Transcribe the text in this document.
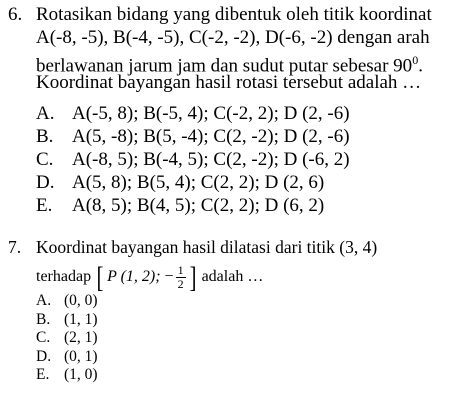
6. Rotasikan bidang yang dibentuk oleh titik koordinat
A(-8, -5), B(-4, -5), C(-2, -2), D(-6, -2) dengan arah
berlawanan jarum jam dan sudut putar sebesar $90^0$.
Koordinat bayangan hasil rotasi tersebut adalah …
A. A(-5, 8); B(-5, 4); C(-2, 2); D (2, -6)
B. A(5, -8); B(5, -4); C(2, -2); D (2, -6)
C. A(-8, 5); B(-4, 5); C(2, -2); D (-6, 2)
D. A(5, 8); B(5, 4); C(2, 2); D (2, 6)
E.	A(8, 5); B(4, 5); C(2, 2); D (6, 2)
7. Koordinat bayangan hasil dilatasi dari titik (3, 4)
terhadap [ P (1, 2); − $\frac{1}{2}$ ] adalah …
A. (0, 0)
B. (1, 1)
C. (2, 1)
D. (0, 1)
E. (1, 0)
